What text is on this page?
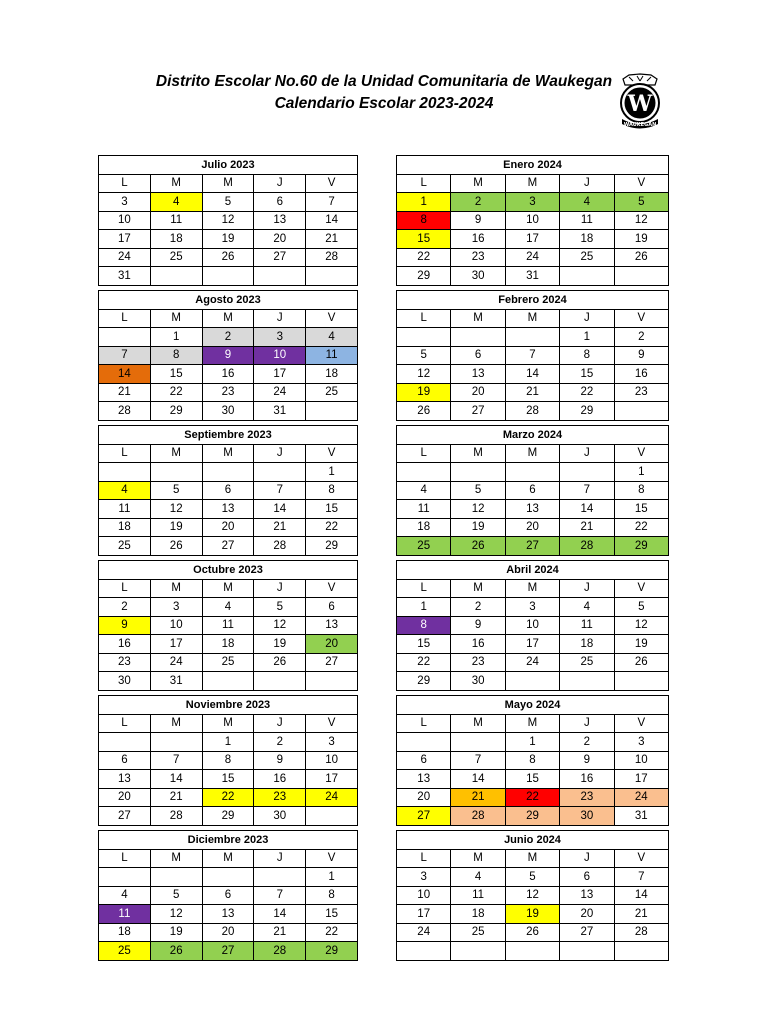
Distrito Escolar No.60 de la Unidad Comunitaria de Waukegan
Calendario Escolar 2023-2024	W
WAUKEGAN
Julio 2023				
L	M	M	J	V
3	4	5	6	7
10	11	12	13	14
17	18	19	20	21
24	25	26	27	28
31				
Enero 2024				
L	M	M	J	V
1	2	3	4	5
8	9	10	11	12
15	16	17	18	19
22	23	24	25	26
29	30	31		
Agosto 2023				
L	M	M	J	V
	1	2	3	4
7	8	9	10	11
14	15	16	17	18
21	22	23	24	25
28	29	30	31	
Febrero 2024				
L	M	M	J	V
			1	2
5	6	7	8	9
12	13	14	15	16
19	20	21	22	23
26	27	28	29	
Septiembre 2023				
L	M	M	J	V
				1
4	5	6	7	8
11	12	13	14	15
18	19	20	21	22
25	26	27	28	29
Marzo 2024				
L	M	M	J	V
				1
4	5	6	7	8
11	12	13	14	15
18	19	20	21	22
25	26	27	28	29
Octubre 2023				
L	M	M	J	V
2	3	4	5	6
9	10	11	12	13
16	17	18	19	20
23	24	25	26	27
30	31			
Abril 2024				
L	M	M	J	V
1	2	3	4	5
8	9	10	11	12
15	16	17	18	19
22	23	24	25	26
29	30			
Noviembre 2023				
L	M	M	J	V
		1	2	3
6	7	8	9	10
13	14	15	16	17
20	21	22	23	24
27	28	29	30	
Mayo 2024				
L	M	M	J	V
		1	2	3
6	7	8	9	10
13	14	15	16	17
20	21	22	23	24
27	28	29	30	31
Diciembre 2023				
L	M	M	J	V
				1
4	5	6	7	8
11	12	13	14	15
18	19	20	21	22
25	26	27	28	29
Junio 2024				
L	M	M	J	V
3	4	5	6	7
10	11	12	13	14
17	18	19	20	21
24	25	26	27	28
